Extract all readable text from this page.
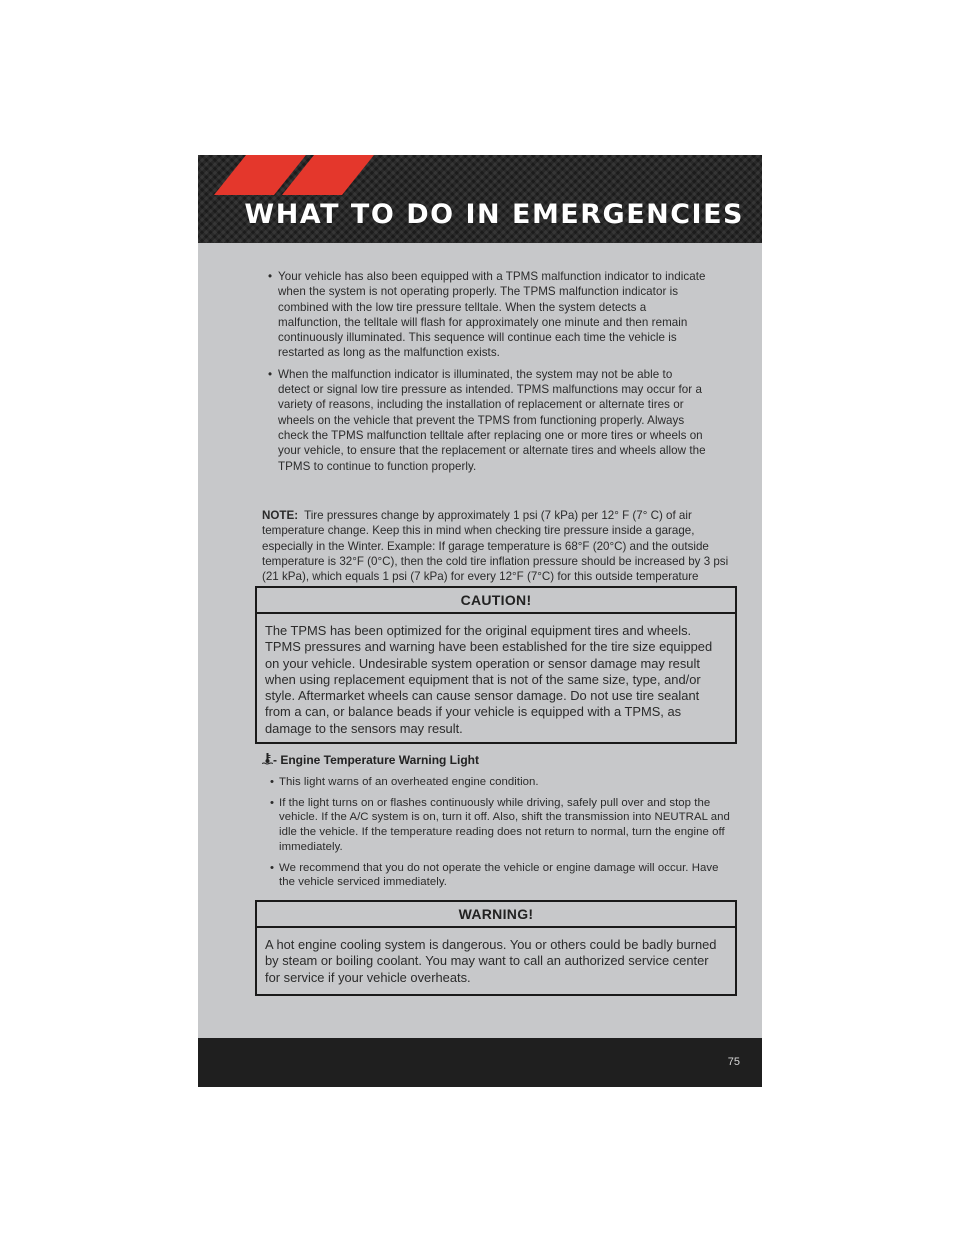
WHAT TO DO IN EMERGENCIES
• Your vehicle has also been equipped with a TPMS malfunction indicator to indicate when the system is not operating properly. The TPMS malfunction indicator is combined with the low tire pressure telltale. When the system detects a malfunction, the telltale will flash for approximately one minute and then remain continuously illuminated. This sequence will continue each time the vehicle is restarted as long as the malfunction exists.
• When the malfunction indicator is illuminated, the system may not be able to detect or signal low tire pressure as intended. TPMS malfunctions may occur for a variety of reasons, including the installation of replacement or alternate tires or wheels on the vehicle that prevent the TPMS from functioning properly. Always check the TPMS malfunction telltale after replacing one or more tires or wheels on your vehicle, to ensure that the replacement or alternate tires and wheels allow the TPMS to continue to function properly.
NOTE: Tire pressures change by approximately 1 psi (7 kPa) per 12° F (7° C) of air temperature change. Keep this in mind when checking tire pressure inside a garage, especially in the Winter. Example: If garage temperature is 68°F (20°C) and the outside temperature is 32°F (0°C), then the cold tire inflation pressure should be increased by 3 psi (21 kPa), which equals 1 psi (7 kPa) for every 12°F (7°C) for this outside temperature
CAUTION!
The TPMS has been optimized for the original equipment tires and wheels. TPMS pressures and warning have been established for the tire size equipped on your vehicle. Undesirable system operation or sensor damage may result when using replacement equipment that is not of the same size, type, and/or style. Aftermarket wheels can cause sensor damage. Do not use tire sealant from a can, or balance beads if your vehicle is equipped with a TPMS, as damage to the sensors may result.
- Engine Temperature Warning Light
• This light warns of an overheated engine condition.
• If the light turns on or flashes continuously while driving, safely pull over and stop the vehicle. If the A/C system is on, turn it off. Also, shift the transmission into NEUTRAL and idle the vehicle. If the temperature reading does not return to normal, turn the engine off immediately.
• We recommend that you do not operate the vehicle or engine damage will occur. Have the vehicle serviced immediately.
WARNING!
A hot engine cooling system is dangerous. You or others could be badly burned by steam or boiling coolant. You may want to call an authorized service center for service if your vehicle overheats.
75
